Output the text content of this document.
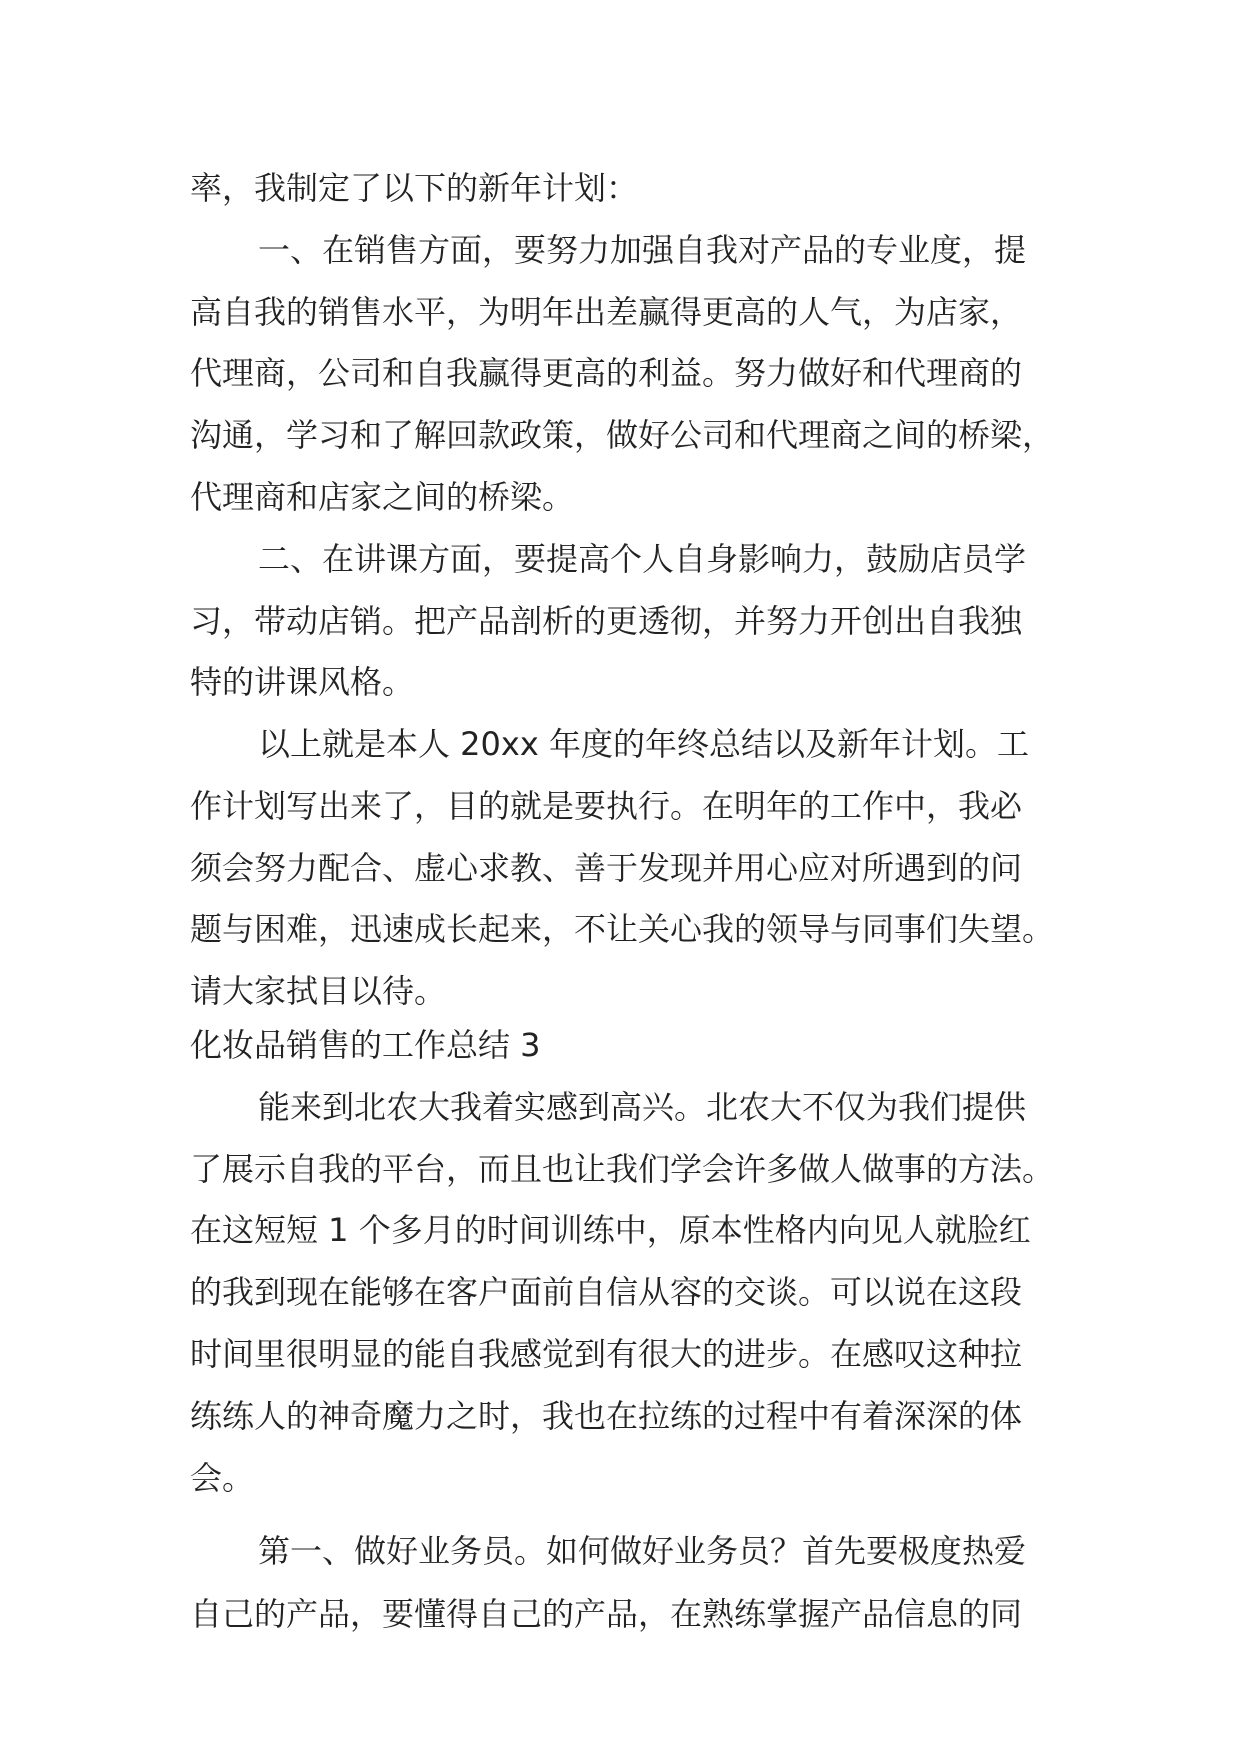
率，我制定了以下的新年计划：
一、在销售方面，要努力加强自我对产品的专业度，提
高自我的销售水平，为明年出差赢得更高的人气，为店家，
代理商，公司和自我赢得更高的利益。努力做好和代理商的
沟通，学习和了解回款政策，做好公司和代理商之间的桥梁，
代理商和店家之间的桥梁。
二、在讲课方面，要提高个人自身影响力，鼓励店员学
习，带动店销。把产品剖析的更透彻，并努力开创出自我独
特的讲课风格。
以上就是本人 20xx 年度的年终总结以及新年计划。工
作计划写出来了，目的就是要执行。在明年的工作中，我必
须会努力配合、虚心求教、善于发现并用心应对所遇到的问
题与困难，迅速成长起来，不让关心我的领导与同事们失望。
请大家拭目以待。
化妆品销售的工作总结 3
能来到北农大我着实感到高兴。北农大不仅为我们提供
了展示自我的平台，而且也让我们学会许多做人做事的方法。
在这短短 1 个多月的时间训练中，原本性格内向见人就脸红
的我到现在能够在客户面前自信从容的交谈。可以说在这段
时间里很明显的能自我感觉到有很大的进步。在感叹这种拉
练练人的神奇魔力之时，我也在拉练的过程中有着深深的体
会。
第一、做好业务员。如何做好业务员？首先要极度热爱
自己的产品，要懂得自己的产品，在熟练掌握产品信息的同
